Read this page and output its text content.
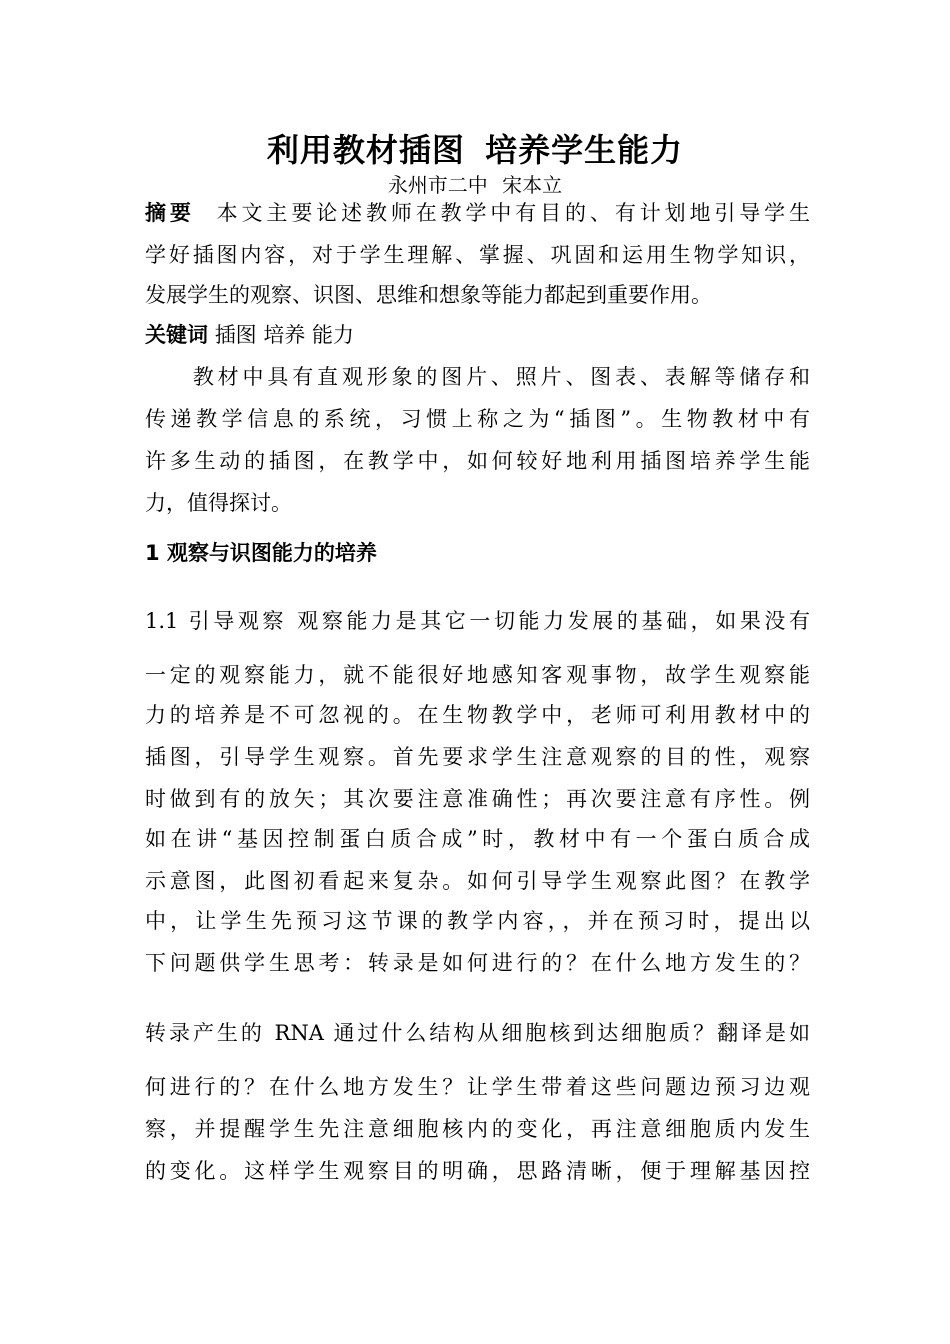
利用教材插图 培养学生能力
永州市二中 宋本立
摘要 本文主要论述教师在教学中有目的、有计划地引导学生
学好插图内容，对于学生理解、掌握、巩固和运用生物学知识，
发展学生的观察、识图、思维和想象等能力都起到重要作用。
关键词 插图 培养 能力
教材中具有直观形象的图片、照片、图表、表解等储存和
传递教学信息的系统，习惯上称之为“插图”。生物教材中有
许多生动的插图，在教学中，如何较好地利用插图培养学生能
力，值得探讨。
1 观察与识图能力的培养
1.1 引导观察 观察能力是其它一切能力发展的基础，如果没有
一定的观察能力，就不能很好地感知客观事物，故学生观察能
力的培养是不可忽视的。在生物教学中，老师可利用教材中的
插图，引导学生观察。首先要求学生注意观察的目的性，观察
时做到有的放矢；其次要注意准确性；再次要注意有序性。例
如在讲“基因控制蛋白质合成”时，教材中有一个蛋白质合成
示意图，此图初看起来复杂。如何引导学生观察此图？在教学
中，让学生先预习这节课的教学内容，，并在预习时，提出以
下问题供学生思考：转录是如何进行的？在什么地方发生的？
转录产生的 RNA 通过什么结构从细胞核到达细胞质？翻译是如
何进行的？在什么地方发生？让学生带着这些问题边预习边观
察，并提醒学生先注意细胞核内的变化，再注意细胞质内发生
的变化。这样学生观察目的明确，思路清晰，便于理解基因控
